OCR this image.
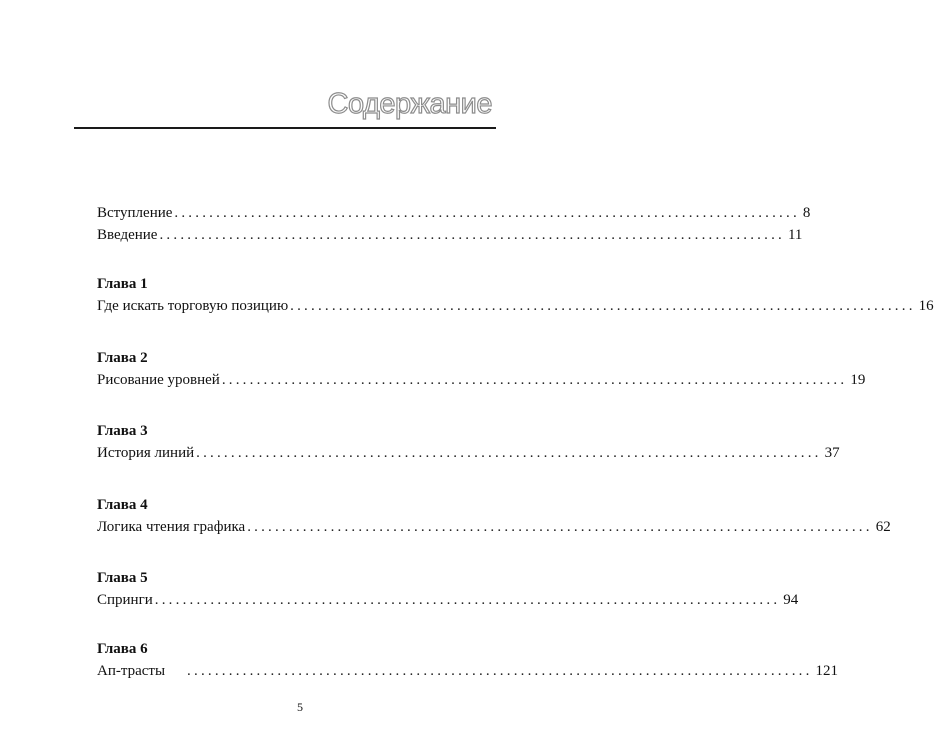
Содержание
Вступление .......................................................................................... 8
Введение .......................................................................................... 11
Глава 1
Где искать торговую позицию .......................................................................................... 16
Глава 2
Рисование уровней .......................................................................................... 19
Глава 3
История линий .......................................................................................... 37
Глава 4
Логика чтения графика .......................................................................................... 62
Глава 5
Спринги .......................................................................................... 94
Глава 6
Ап-трасты .......................................................................................... 121
5
